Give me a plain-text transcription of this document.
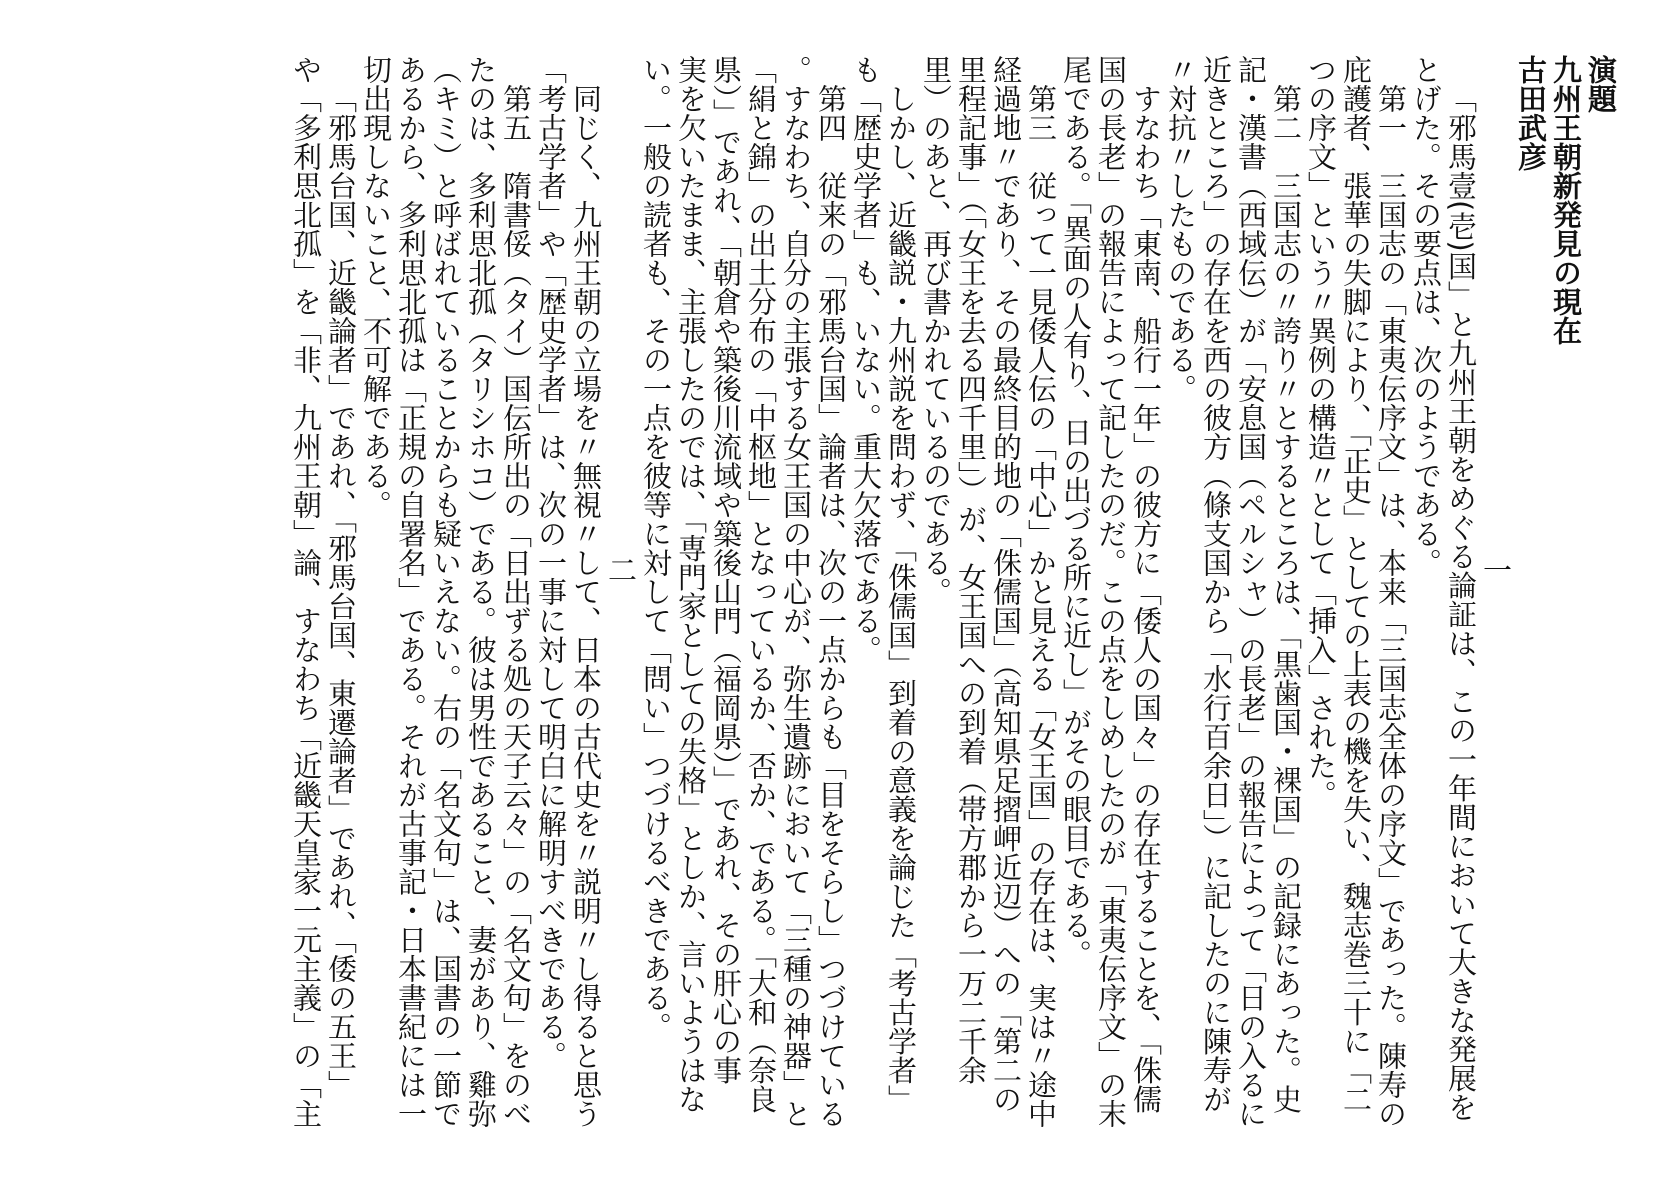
演題
九州王朝新発見の現在
古田武彦
一
「邪馬壹(壱)国」と九州王朝をめぐる論証は、この一年間において大きな発展を
とげた。その要点は、次のようである。
第一　三国志の「東夷伝序文」は、本来「三国志全体の序文」であった。陳寿の
庇護者、張華の失脚により、「正史」としての上表の機を失い、魏志巻三十に「二
つの序文」という〃異例の構造〃として「挿入」された。
第二　三国志の〃誇り〃とするところは、「黒歯国・裸国」の記録にあった。史
記・漢書（西域伝）が「安息国（ペルシャ）の長老」の報告によって「日の入るに
近きところ」の存在を西の彼方（條支国から「水行百余日」）に記したのに陳寿が
〃対抗〃したものである。
すなわち「東南、船行一年」の彼方に「倭人の国々」の存在することを、「侏儒
国の長老」の報告によって記したのだ。この点をしめしたのが「東夷伝序文」の末
尾である。「異面の人有り、日の出づる所に近し」がその眼目である。
第三　従って一見倭人伝の「中心」かと見える「女王国」の存在は、実は〃途中
経過地〃であり、その最終目的地の「侏儒国」（高知県足摺岬近辺）への「第二の
里程記事」（「女王を去る四千里」）が、女王国への到着（帯方郡から一万二千余
里）のあと、再び書かれているのである。
しかし、近畿説・九州説を問わず、「侏儒国」到着の意義を論じた「考古学者」
も「歴史学者」も、いない。重大欠落である。
第四　従来の「邪馬台国」論者は、次の一点からも「目をそらし」つづけている
。すなわち、自分の主張する女王国の中心が、弥生遺跡において「三種の神器」と
「絹と錦」の出土分布の「中枢地」となっているか、否か、である。「大和（奈良
県）」であれ、「朝倉や築後川流域や築後山門（福岡県）」であれ、その肝心の事
実を欠いたまま、主張したのでは、「専門家としての失格」としか、言いようはな
い。一般の読者も、その一点を彼等に対して「問い」つづけるべきである。
二
同じく、九州王朝の立場を〃無視〃して、日本の古代史を〃説明〃し得ると思う
「考古学者」や「歴史学者」は、次の一事に対して明白に解明すべきである。
第五　隋書俀（タイ）国伝所出の「日出ずる処の天子云々」の「名文句」をのべ
たのは、多利思北孤（タリシホコ）である。彼は男性であること、妻があり、雞弥
（キミ）と呼ばれていることからも疑いえない。右の「名文句」は、国書の一節で
あるから、多利思北孤は「正規の自署名」である。それが古事記・日本書紀には一
切出現しないこと、不可解である。
「邪馬台国、近畿論者」であれ、「邪馬台国、東遷論者」であれ、「倭の五王」
や「多利思北孤」を「非、九州王朝」論、すなわち「近畿天皇家一元主義」の「主
